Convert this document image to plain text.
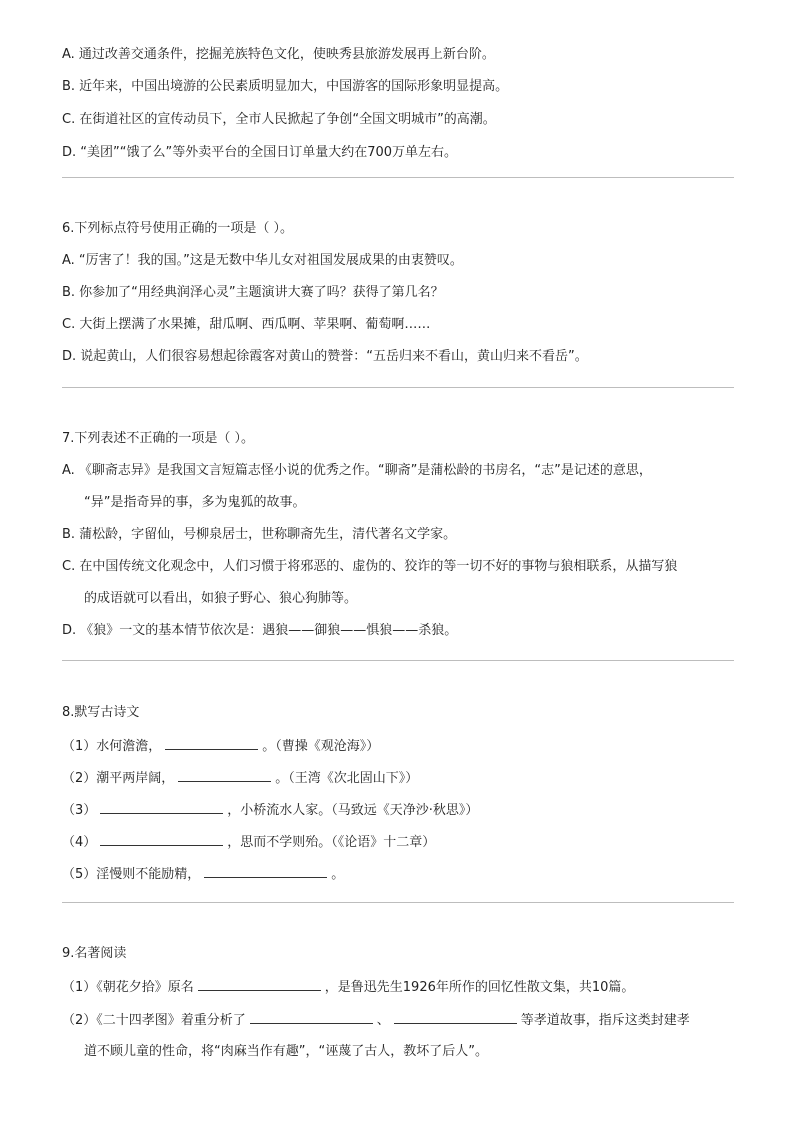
A. 通过改善交通条件，挖掘羌族特色文化，使映秀县旅游发展再上新台阶。
B. 近年来，中国出境游的公民素质明显加大，中国游客的国际形象明显提高。
C. 在街道社区的宣传动员下，全市人民掀起了争创“全国文明城市”的高潮。
D. “美团”“饿了么”等外卖平台的全国日订单量大约在700万单左右。
6.下列标点符号使用正确的一项是（ ）。
A. “厉害了！我的国。”这是无数中华儿女对祖国发展成果的由衷赞叹。
B. 你参加了“用经典润泽心灵”主题演讲大赛了吗？获得了第几名？
C. 大街上摆满了水果摊，甜瓜啊、西瓜啊、苹果啊、葡萄啊……
D. 说起黄山，人们很容易想起徐霞客对黄山的赞誉：“五岳归来不看山，黄山归来不看岳”。
7.下列表述不正确的一项是（ ）。
A. 《聊斋志异》是我国文言短篇志怪小说的优秀之作。“聊斋”是蒲松龄的书房名，“志”是记述的意思，
“异”是指奇异的事，多为鬼狐的故事。
B. 蒲松龄，字留仙，号柳泉居士，世称聊斋先生，清代著名文学家。
C. 在中国传统文化观念中，人们习惯于将邪恶的、虚伪的、狡诈的等一切不好的事物与狼相联系，从描写狼
的成语就可以看出，如狼子野心、狼心狗肺等。
D. 《狼》一文的基本情节依次是：遇狼——御狼——惧狼——杀狼。
8.默写古诗文
（1）水何澹澹，	。（曹操《观沧海》）
（2）潮平两岸阔，	。（王湾《次北固山下》）
（3）	，小桥流水人家。（马致远《天净沙·秋思》）
（4）	，思而不学则殆。（《论语》十二章）
（5）淫慢则不能励精，	。
9.名著阅读
（1）《朝花夕拾》原名	，是鲁迅先生1926年所作的回忆性散文集，共10篇。
（2）《二十四孝图》着重分析了	、	等孝道故事，指斥这类封建孝
道不顾儿童的性命，将“肉麻当作有趣”，“诬蔑了古人，教坏了后人”。
